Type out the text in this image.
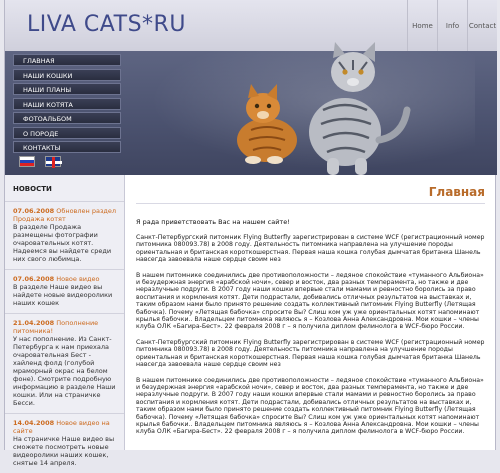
LIVA CATS*RU	Home	Info	Contact
ГЛАВНАЯ
НАШИ КОШКИ
НАШИ ПЛАНЫ
НАШИ КОТЯТА
ФОТОАЛЬБОМ
О ПОРОДЕ
КОНТАКТЫ
НОВОСТИ
07.06.2008 Обновлен раздел Продажа котят
В разделе Продажа размещены фотографии очаровательных котят. Надеемся вы найдете среди них свого любимца.
07.06.2008 Новое видео
В разделе Наше видео вы найдете новые видеоролики наших кошек
21.04.2008 Пополнение питомника!
У нас пополнение. Из Санкт-Петербурга к нам приехала очаровательная Бест - хайленд фолд (голубой мраморный окрас на белом фоне). Смотрите подробную информацию в разделе Наши кошки. Или на страничке Бесси.
14.04.2008 Новое видео на сайте
На страничке Наше видео вы сможете посмотреть новые видеоролики наших кошек, снятые 14 апреля.
Главная

Я рада приветствовать Вас на нашем сайте!

Санкт-Петербургский питомник Flying Butterfly зарегистрирован в системе WCF (регистрационный номер питомника 080093.78) в 2008 году. Деятельность питомника направлена на улучшение породы ориентальная и британская короткошерстная. Первая наша кошка голубая дымчатая британка Шанель навсегда завоевала наше сердце своим нез

В нашем питомнике соединились две противоположности – ледяное спокойствие «туманного Альбиона» и безудержная энергия «арабской ночи», север и восток, два разных темперамента, но также и две неразлучные подруги. В 2007 году наши кошки впервые стали мамами и ревностно боролись за право воспитания и кормления котят. Дети подрастали, добивались отличных результатов на выставках и, таким образом нами было принято решение создать коллективный питомник Flying Butterfly (Летящая бабочка). Почему «Летящая бабочка» спросите Вы? Слиш ком уж уже ориентальных котят напоминают крылья бабочки.. Владельцем питомника являюсь я – Козлова Анна Александровна. Мои кошки – члены клуба ОЛК «Багира-Бест». 22 февраля 2008 г – я получила диплом фелинолога в WCF-бюро России.

Санкт-Петербургский питомник Flying Butterfly зарегистрирован в системе WCF (регистрационный номер питомника 080093.78) в 2008 году. Деятельность питомника направлена на улучшение породы ориентальная и британская короткошерстная. Первая наша кошка голубая дымчатая британка Шанель навсегда завоевала наше сердце своим нез

В нашем питомнике соединились две противоположности – ледяное спокойствие «туманного Альбиона» и безудержная энергия «арабской ночи», север и восток, два разных темперамента, но также и две неразлучные подруги. В 2007 году наши кошки впервые стали мамами и ревностно боролись за право воспитания и кормления котят. Дети подрастали, добивались отличных результатов на выставках и, таким образом нами было принято решение создать коллективный питомник Flying Butterfly (Летящая бабочка). Почему «Летящая бабочка» спросите Вы? Слиш ком уж уже ориентальных котят напоминают крылья бабочки.. Владельцем питомника являюсь я – Козлова Анна Александровна. Мои кошки – члены клуба ОЛК «Багира-Бест». 22 февраля 2008 г – я получила диплом фелинолога в WCF-бюро России.
